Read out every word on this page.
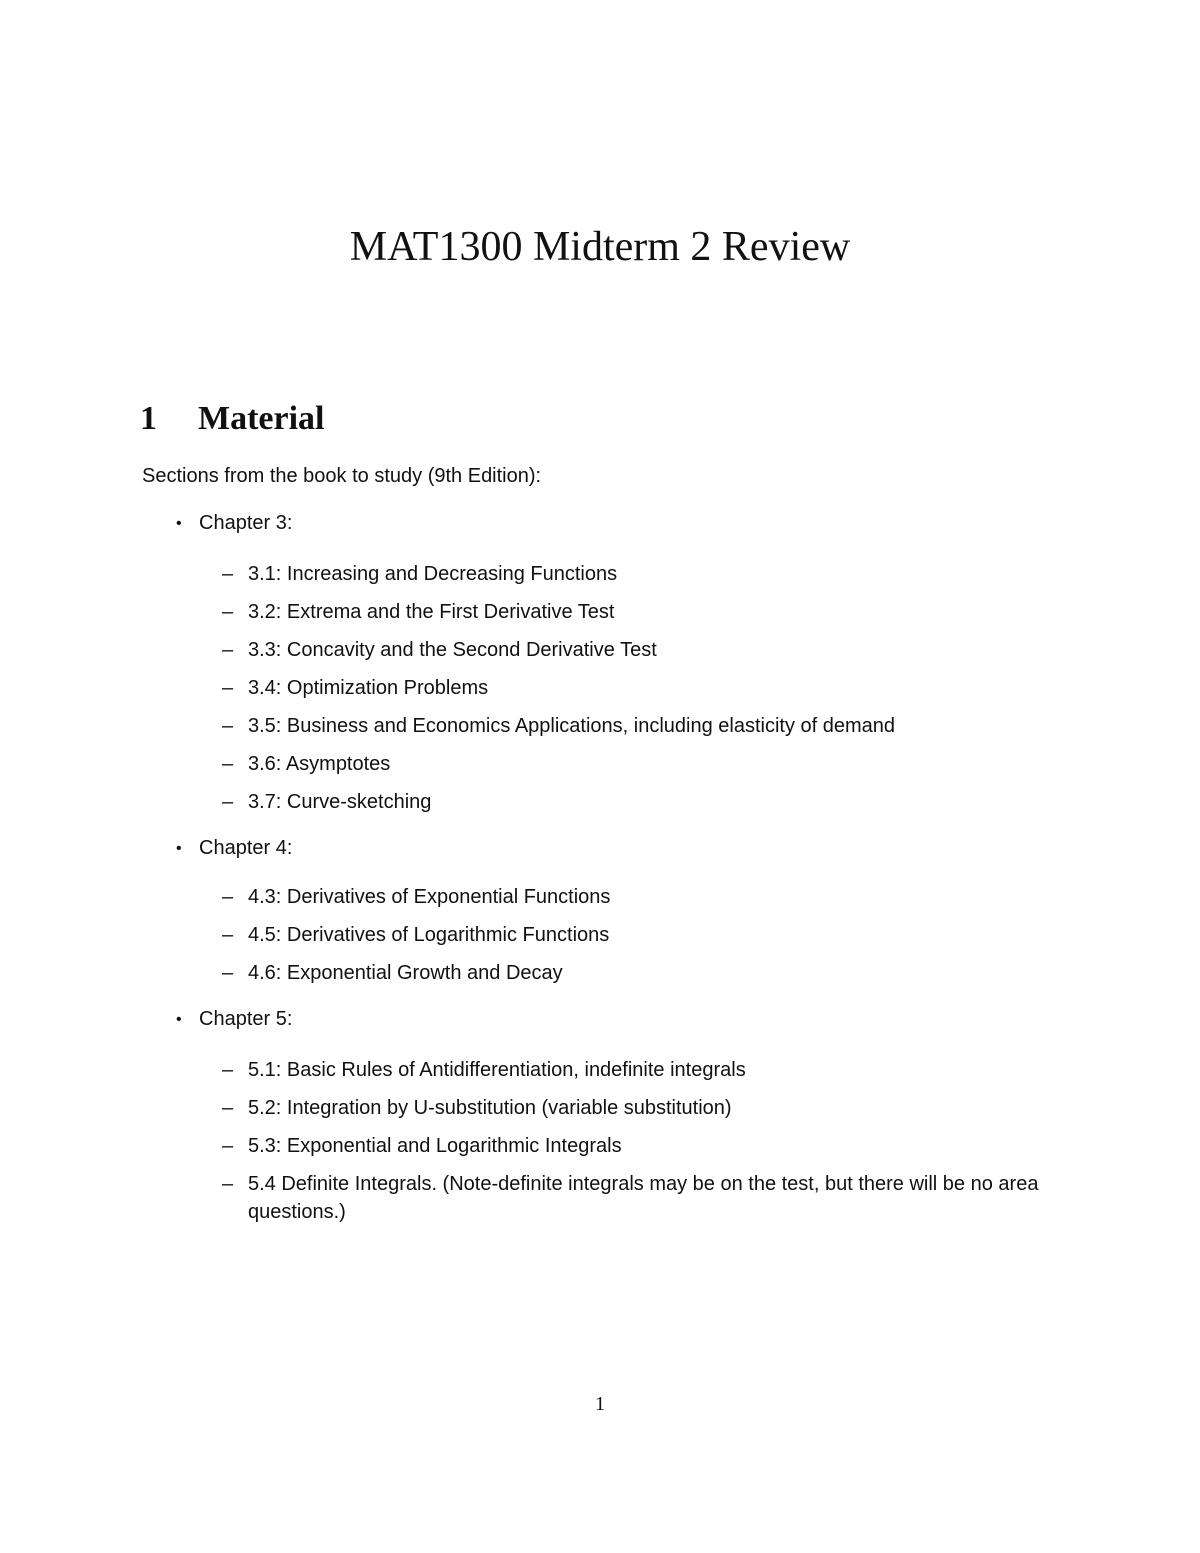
MAT1300 Midterm 2 Review
1 Material

Sections from the book to study (9th Edition):

• Chapter 3:
– 3.1: Increasing and Decreasing Functions
– 3.2: Extrema and the First Derivative Test
– 3.3: Concavity and the Second Derivative Test
– 3.4: Optimization Problems
– 3.5: Business and Economics Applications, including elasticity of demand
– 3.6: Asymptotes
– 3.7: Curve-sketching
• Chapter 4:
– 4.3: Derivatives of Exponential Functions
– 4.5: Derivatives of Logarithmic Functions
– 4.6: Exponential Growth and Decay
• Chapter 5:
– 5.1: Basic Rules of Antidifferentiation, indefinite integrals
– 5.2: Integration by U-substitution (variable substitution)
– 5.3: Exponential and Logarithmic Integrals
– 5.4 Definite Integrals. (Note-definite integrals may be on the test, but there will be no area questions.)
1
